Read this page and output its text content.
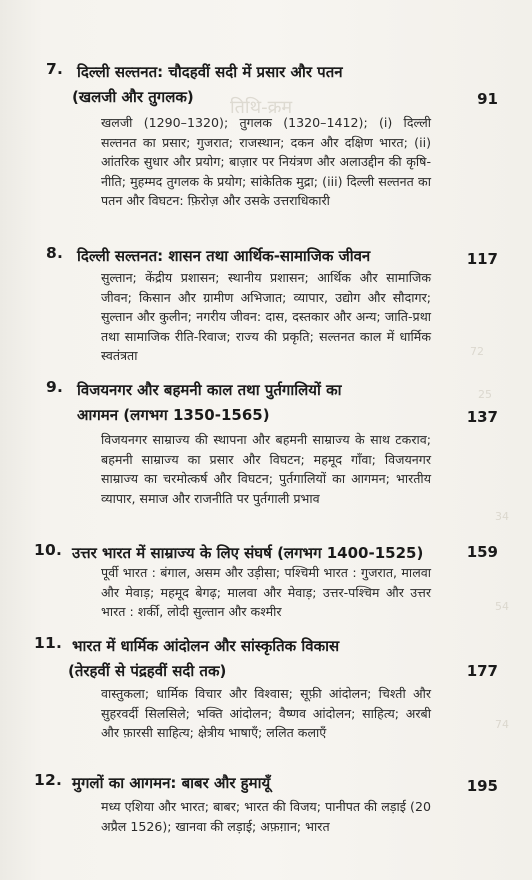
तिथि-क्रम
72
25
34
54
74
7. दिल्ली सल्तनत: चौदहवीं सदी में प्रसार और पतन
(खलजी और तुगलक)	91
खलजी (1290–1320); तुगलक (1320–1412); (i) दिल्ली सल्तनत का प्रसार; गुजरात; राजस्थान; दकन और दक्षिण भारत; (ii) आंतरिक सुधार और प्रयोग; बाज़ार पर नियंत्रण और अलाउद्दीन की कृषि-नीति; मुहम्मद तुगलक के प्रयोग; सांकेतिक मुद्रा; (iii) दिल्ली सल्तनत का पतन और विघटन: फ़िरोज़ और उसके उत्तराधिकारी
8. दिल्ली सल्तनत: शासन तथा आर्थिक-सामाजिक जीवन	117
सुल्तान; केंद्रीय प्रशासन; स्थानीय प्रशासन; आर्थिक और सामाजिक जीवन; किसान और ग्रामीण अभिजात; व्यापार, उद्योग और सौदागर; सुल्तान और कुलीन; नगरीय जीवन: दास, दस्तकार और अन्य; जाति-प्रथा तथा सामाजिक रीति-रिवाज; राज्य की प्रकृति; सल्तनत काल में धार्मिक स्वतंत्रता
9. विजयनगर और बहमनी काल तथा पुर्तगालियों का
आगमन (लगभग 1350-1565)	137
विजयनगर साम्राज्य की स्थापना और बहमनी साम्राज्य के साथ टकराव; बहमनी साम्राज्य का प्रसार और विघटन; महमूद गाँवा; विजयनगर साम्राज्य का चरमोत्कर्ष और विघटन; पुर्तगालियों का आगमन; भारतीय व्यापार, समाज और राजनीति पर पुर्तगाली प्रभाव
10. उत्तर भारत में साम्राज्य के लिए संघर्ष (लगभग 1400-1525)	159
पूर्वी भारत : बंगाल, असम और उड़ीसा; पश्चिमी भारत : गुजरात, मालवा और मेवाड़; महमूद बेगढ़; मालवा और मेवाड़; उत्तर-पश्चिम और उत्तर भारत : शर्की, लोदी सुल्तान और कश्मीर
11. भारत में धार्मिक आंदोलन और सांस्कृतिक विकास
(तेरहवीं से पंद्रहवीं सदी तक)	177
वास्तुकला; धार्मिक विचार और विश्वास; सूफ़ी आंदोलन; चिश्ती और सुहरवर्दी सिलसिले; भक्ति आंदोलन; वैष्णव आंदोलन; साहित्य; अरबी और फ़ारसी साहित्य; क्षेत्रीय भाषाएँ; ललित कलाएँ
12. मुगलों का आगमन: बाबर और हुमायूँ	195
मध्य एशिया और भारत; बाबर; भारत की विजय; पानीपत की लड़ाई (20 अप्रैल 1526); खानवा की लड़ाई; अफ़ग़ान; भारत
